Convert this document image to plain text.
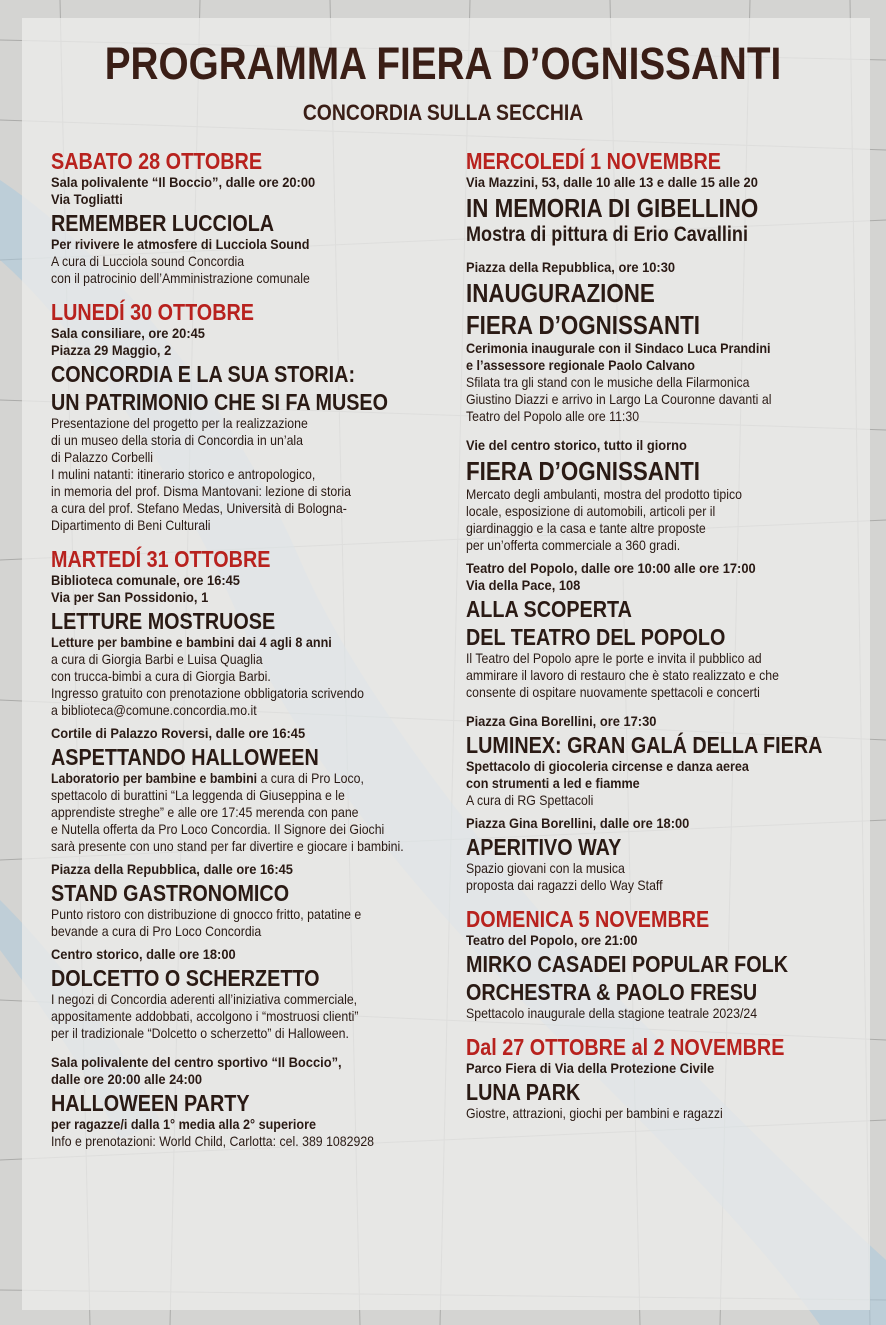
PROGRAMMA FIERA D’OGNISSANTI
CONCORDIA SULLA SECCHIA
SABATO 28 OTTOBRE
Sala polivalente “Il Boccio”, dalle ore 20:00
Via Togliatti
REMEMBER LUCCIOLA
Per rivivere le atmosfere di Lucciola Sound
A cura di Lucciola sound Concordia
con il patrocinio dell’Amministrazione comunale
LUNEDÍ 30 OTTOBRE
Sala consiliare, ore 20:45
Piazza 29 Maggio, 2
CONCORDIA E LA SUA STORIA:
UN PATRIMONIO CHE SI FA MUSEO
Presentazione del progetto per la realizzazione
di un museo della storia di Concordia in un’ala
di Palazzo Corbelli
I mulini natanti: itinerario storico e antropologico,
in memoria del prof. Disma Mantovani: lezione di storia
a cura del prof. Stefano Medas, Università di Bologna-
Dipartimento di Beni Culturali
MARTEDÍ 31 OTTOBRE
Biblioteca comunale, ore 16:45
Via per San Possidonio, 1
LETTURE MOSTRUOSE
Letture per bambine e bambini dai 4 agli 8 anni
a cura di Giorgia Barbi e Luisa Quaglia
con trucca-bimbi a cura di Giorgia Barbi.
Ingresso gratuito con prenotazione obbligatoria scrivendo
a biblioteca@comune.concordia.mo.it
Cortile di Palazzo Roversi, dalle ore 16:45
ASPETTANDO HALLOWEEN
Laboratorio per bambine e bambini a cura di Pro Loco,
spettacolo di burattini “La leggenda di Giuseppina e le
apprendiste streghe” e alle ore 17:45 merenda con pane
e Nutella offerta da Pro Loco Concordia. Il Signore dei Giochi
sarà presente con uno stand per far divertire e giocare i bambini.
Piazza della Repubblica, dalle ore 16:45
STAND GASTRONOMICO
Punto ristoro con distribuzione di gnocco fritto, patatine e
bevande a cura di Pro Loco Concordia
Centro storico, dalle ore 18:00
DOLCETTO O SCHERZETTO
I negozi di Concordia aderenti all’iniziativa commerciale,
appositamente addobbati, accolgono i “mostruosi clienti”
per il tradizionale “Dolcetto o scherzetto” di Halloween.
Sala polivalente del centro sportivo “Il Boccio”,
dalle ore 20:00 alle 24:00
HALLOWEEN PARTY
per ragazze/i dalla 1° media alla 2° superiore
Info e prenotazioni: World Child, Carlotta: cel. 389 1082928
MERCOLEDÍ 1 NOVEMBRE
Via Mazzini, 53, dalle 10 alle 13 e dalle 15 alle 20
IN MEMORIA DI GIBELLINO
Mostra di pittura di Erio Cavallini
Piazza della Repubblica, ore 10:30
INAUGURAZIONE
FIERA D’OGNISSANTI
Cerimonia inaugurale con il Sindaco Luca Prandini
e l’assessore regionale Paolo Calvano
Sfilata tra gli stand con le musiche della Filarmonica
Giustino Diazzi e arrivo in Largo La Couronne davanti al
Teatro del Popolo alle ore 11:30
Vie del centro storico, tutto il giorno
FIERA D’OGNISSANTI
Mercato degli ambulanti, mostra del prodotto tipico
locale, esposizione di automobili, articoli per il
giardinaggio e la casa e tante altre proposte
per un’offerta commerciale a 360 gradi.
Teatro del Popolo, dalle ore 10:00 alle ore 17:00
Via della Pace, 108
ALLA SCOPERTA
DEL TEATRO DEL POPOLO
Il Teatro del Popolo apre le porte e invita il pubblico ad
ammirare il lavoro di restauro che è stato realizzato e che
consente di ospitare nuovamente spettacoli e concerti
Piazza Gina Borellini, ore 17:30
LUMINEX: GRAN GALÁ DELLA FIERA
Spettacolo di giocoleria circense e danza aerea
con strumenti a led e fiamme
A cura di RG Spettacoli
Piazza Gina Borellini, dalle ore 18:00
APERITIVO WAY
Spazio giovani con la musica
proposta dai ragazzi dello Way Staff
DOMENICA 5 NOVEMBRE
Teatro del Popolo, ore 21:00
MIRKO CASADEI POPULAR FOLK
ORCHESTRA & PAOLO FRESU
Spettacolo inaugurale della stagione teatrale 2023/24
Dal 27 OTTOBRE al 2 NOVEMBRE
Parco Fiera di Via della Protezione Civile
LUNA PARK
Giostre, attrazioni, giochi per bambini e ragazzi
